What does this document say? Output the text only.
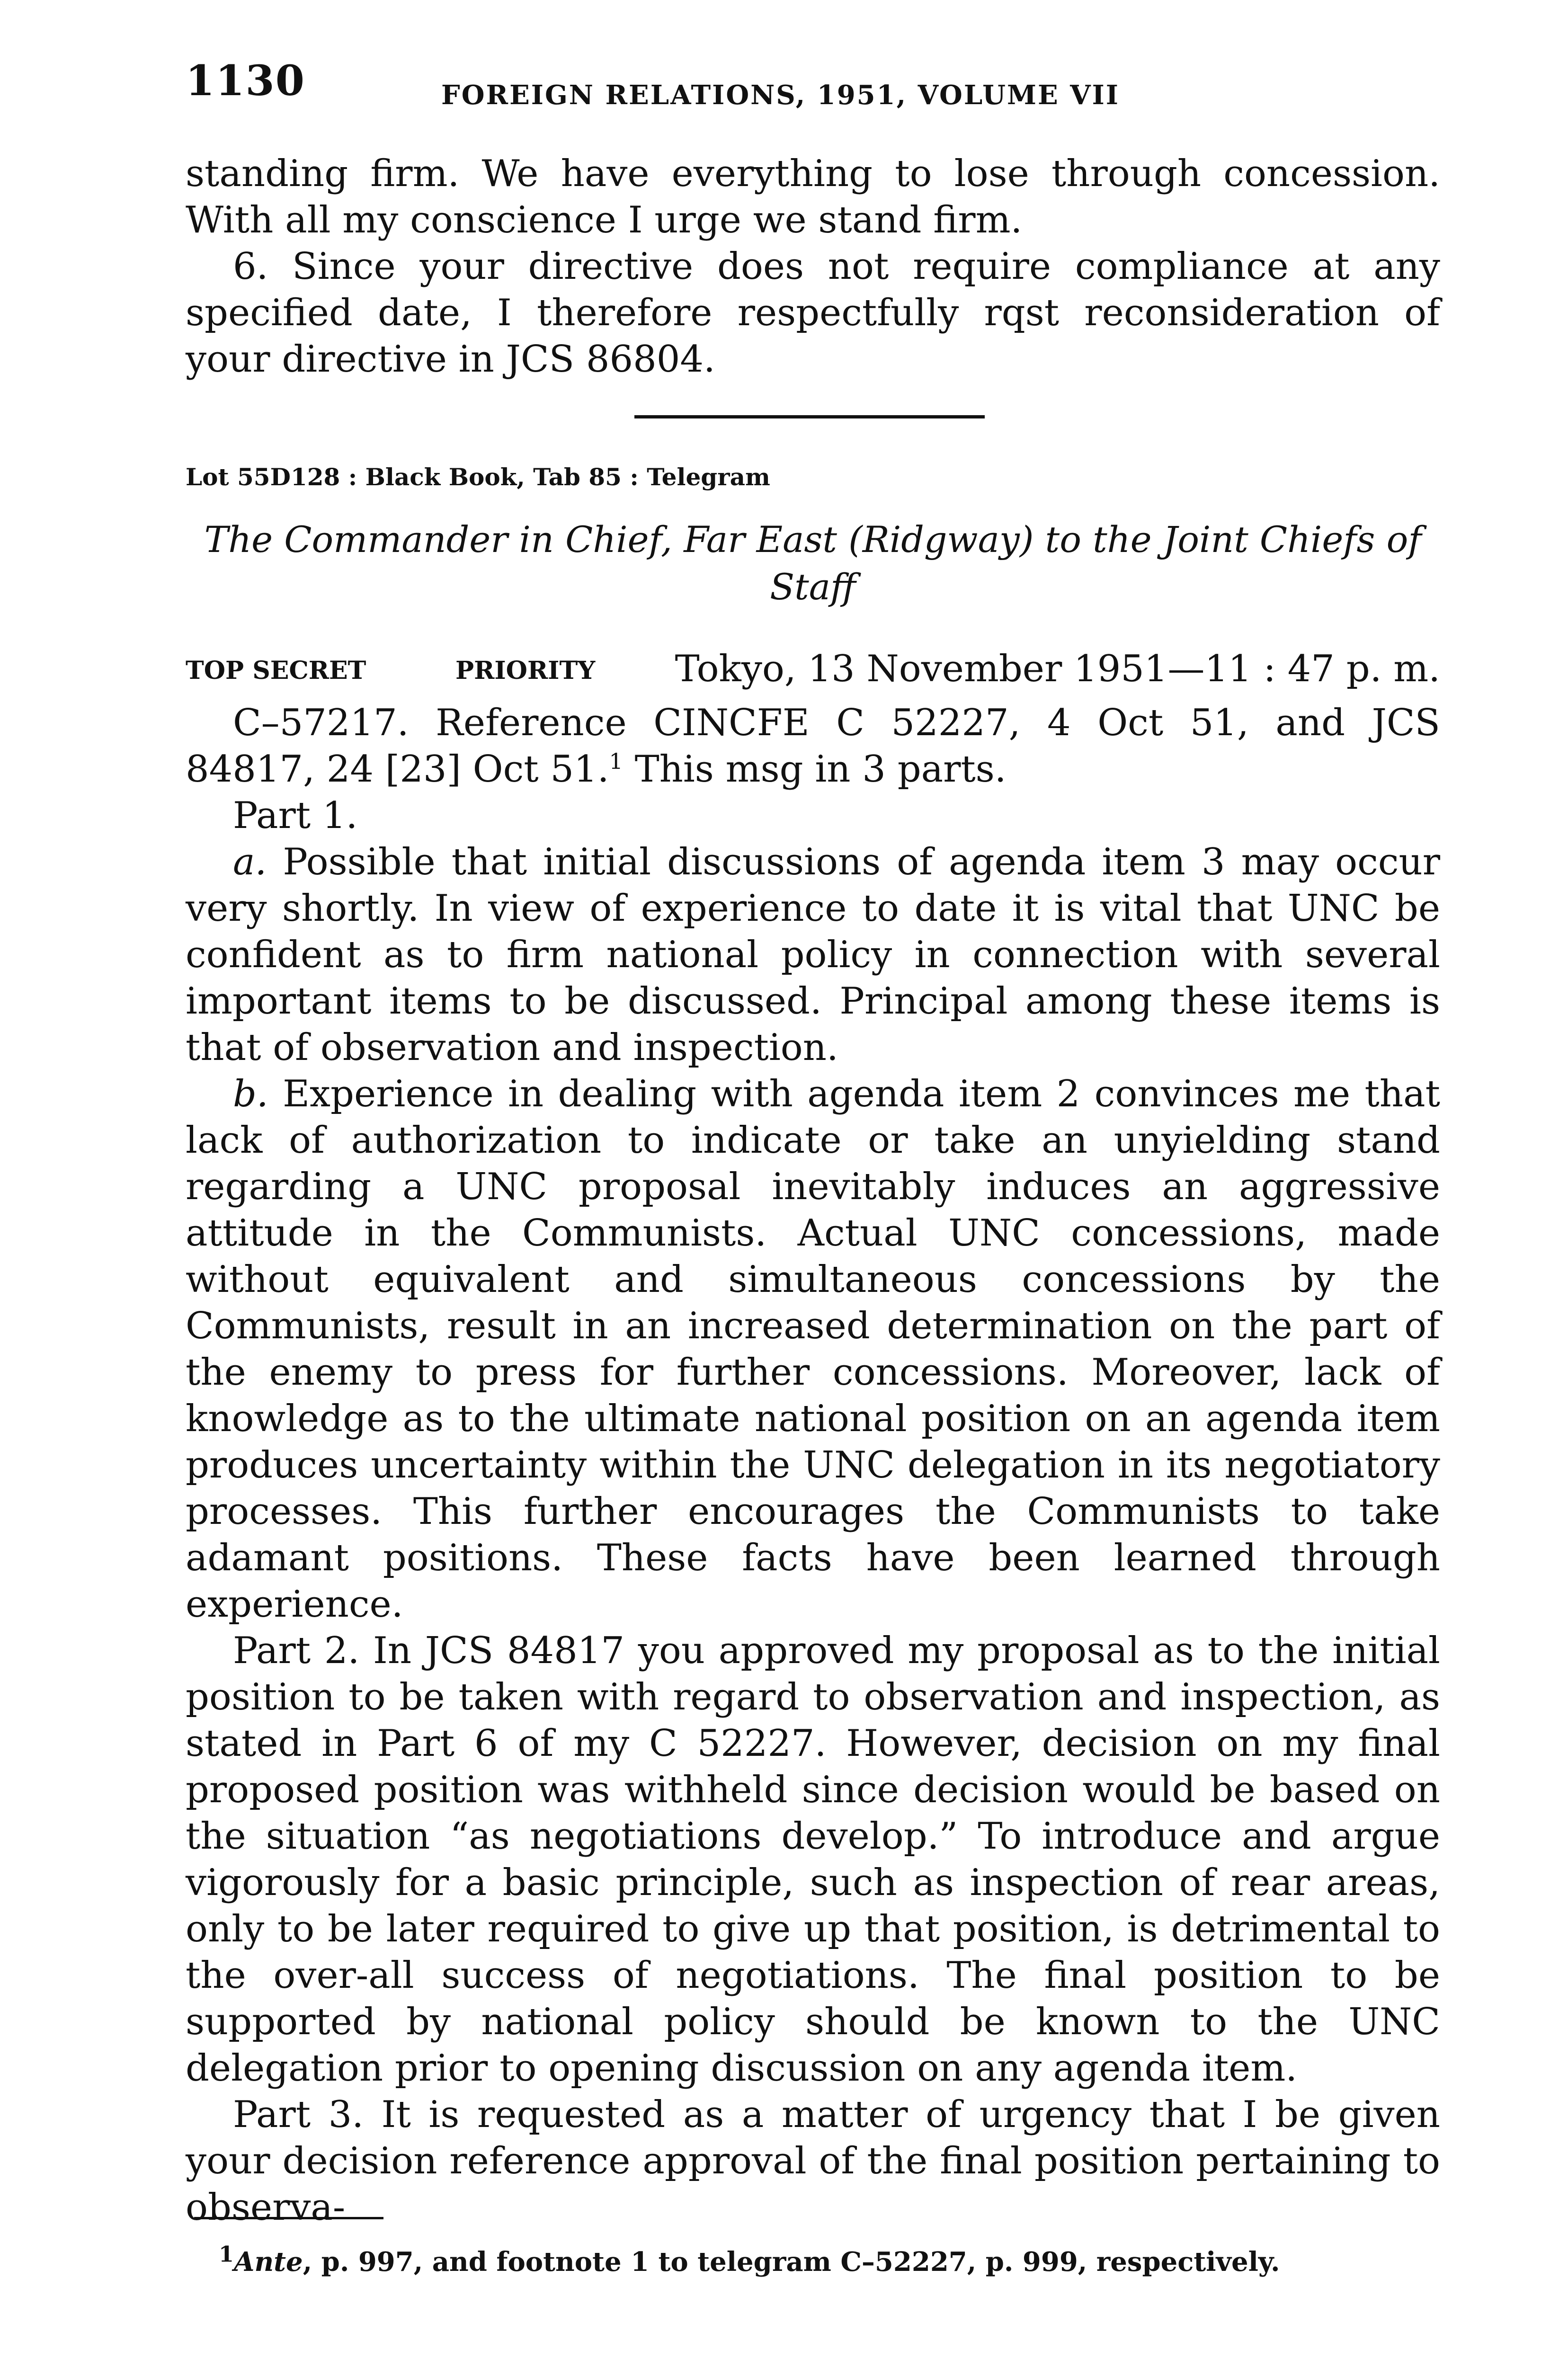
1130	FOREIGN RELATIONS, 1951, VOLUME VII

standing firm. We have everything to lose through concession. With all my conscience I urge we stand firm.

6. Since your directive does not require compliance at any specified date, I therefore respectfully rqst reconsideration of your directive in JCS 86804.

Lot 55D128 : Black Book, Tab 85 : Telegram
The Commander in Chief, Far East (Ridgway) to the Joint Chiefs of Staff
TOP SECRET	PRIORITY Tokyo, 13 November 1951—11 : 47 p. m.

C–57217. Reference CINCFE C 52227, 4 Oct 51, and JCS 84817, 24 [23] Oct 51.$^1$ This msg in 3 parts.

Part 1.

a. Possible that initial discussions of agenda item 3 may occur very shortly. In view of experience to date it is vital that UNC be confident as to firm national policy in connection with several important items to be discussed. Principal among these items is that of observation and inspection.

b. Experience in dealing with agenda item 2 convinces me that lack of authorization to indicate or take an unyielding stand regarding a UNC proposal inevitably induces an aggressive attitude in the Communists. Actual UNC concessions, made without equivalent and simultaneous concessions by the Communists, result in an increased determination on the part of the enemy to press for further concessions. Moreover, lack of knowledge as to the ultimate national position on an agenda item produces uncertainty within the UNC delegation in its negotiatory processes. This further encourages the Communists to take adamant positions. These facts have been learned through experience.

Part 2. In JCS 84817 you approved my proposal as to the initial position to be taken with regard to observation and inspection, as stated in Part 6 of my C 52227. However, decision on my final proposed position was withheld since decision would be based on the situation “as negotiations develop.” To introduce and argue vigorously for a basic principle, such as inspection of rear areas, only to be later required to give up that position, is detrimental to the over-all success of negotiations. The final position to be supported by national policy should be known to the UNC delegation prior to opening discussion on any agenda item.

Part 3. It is requested as a matter of urgency that I be given your decision reference approval of the final position pertaining to observa-

$^1$Ante, p. 997, and footnote 1 to telegram C–52227, p. 999, respectively.
